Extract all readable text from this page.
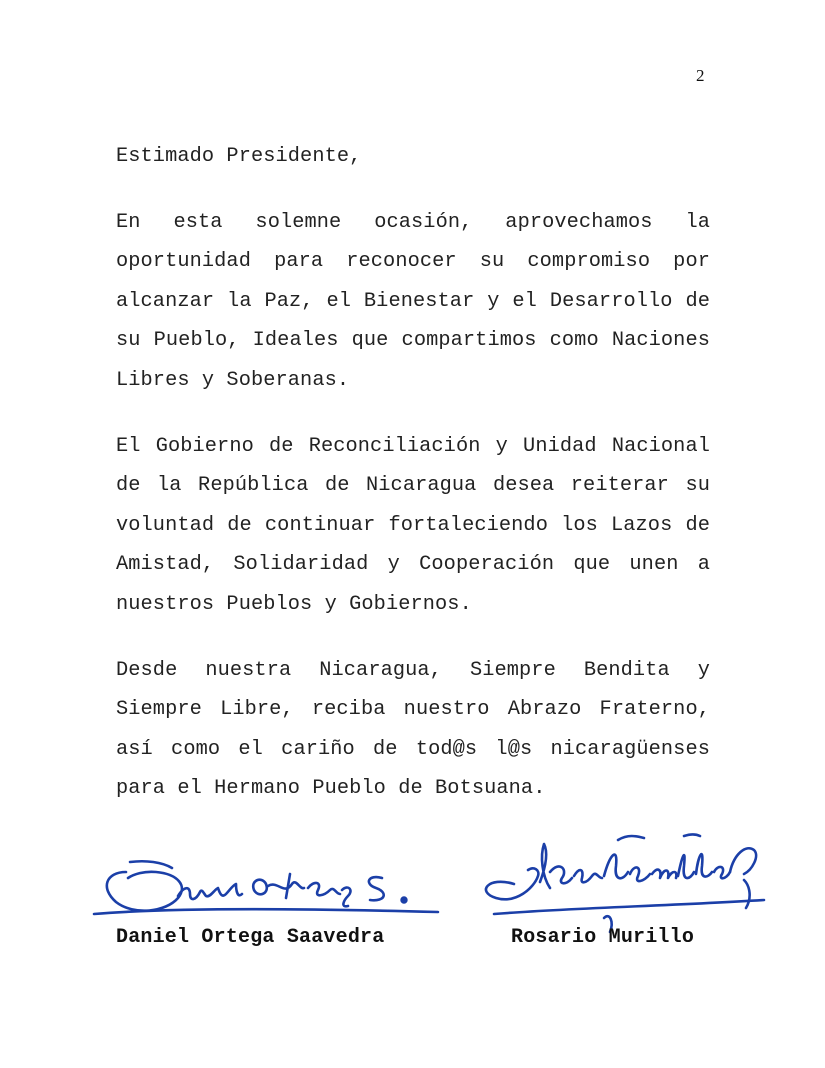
2

Estimado Presidente,

En esta solemne ocasión, aprovechamos la oportunidad para reconocer su compromiso por alcanzar la Paz, el Bienestar y el Desarrollo de su Pueblo, Ideales que compartimos como Naciones Libres y Soberanas.

El Gobierno de Reconciliación y Unidad Nacional de la República de Nicaragua desea reiterar su voluntad de continuar fortaleciendo los Lazos de Amistad, Solidaridad y Cooperación que unen a nuestros Pueblos y Gobiernos.

Desde nuestra Nicaragua, Siempre Bendita y Siempre Libre, reciba nuestro Abrazo Fraterno, así como el cariño de tod@s l@s nicaragüenses para el Hermano Pueblo de Botsuana.

Daniel Ortega Saavedra	Rosario Murillo
